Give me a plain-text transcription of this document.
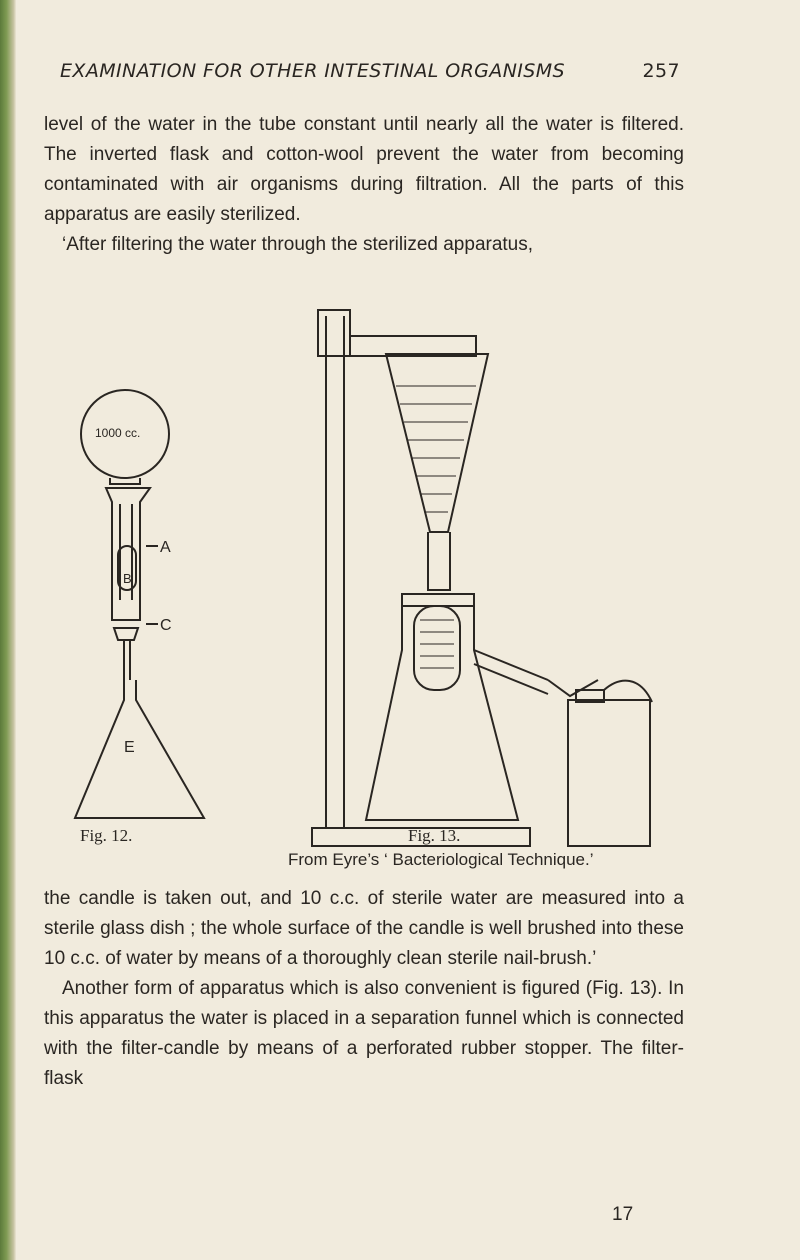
EXAMINATION FOR OTHER INTESTINAL ORGANISMS	257

level of the water in the tube constant until nearly all the water is filtered. The inverted flask and cotton-wool prevent the water from becoming contaminated with air organisms during filtration. All the parts of this apparatus are easily sterilized.

‘After filtering the water through the sterilized apparatus,

1000 cc.
A
B
C
E
Fig. 12.	Fig. 13.
From Eyre’s ‘ Bacteriological Technique.’

the candle is taken out, and 10 c.c. of sterile water are measured into a sterile glass dish ; the whole surface of the candle is well brushed into these 10 c.c. of water by means of a thoroughly clean sterile nail-brush.’

Another form of apparatus which is also convenient is figured (Fig. 13). In this apparatus the water is placed in a separation funnel which is connected with the filter-candle by means of a perforated rubber stopper. The filter-flask

17
